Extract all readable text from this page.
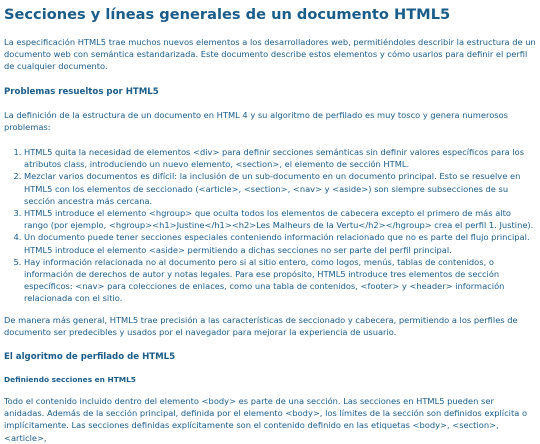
Secciones y líneas generales de un documento HTML5

La especificación HTML5 trae muchos nuevos elementos a los desarrolladores web, permitiéndoles describir la estructura de un documento web con semántica estandarizada. Este documento describe estos elementos y cómo usarlos para definir el perfil de cualquier documento.

Problemas resueltos por HTML5

La definición de la estructura de un documento en HTML 4 y su algoritmo de perfilado es muy tosco y genera numerosos problemas:

1. HTML5 quita la necesidad de elementos <div> para definir secciones semánticas sin definir valores específicos para los atributos class, introduciendo un nuevo elemento, <section>, el elemento de sección HTML.
2. Mezclar varios documentos es difícil: la inclusión de un sub-documento en un documento principal. Esto se resuelve en HTML5 con los elementos de seccionado (<article>, <section>, <nav> y <aside>) son siempre subsecciones de su sección ancestra más cercana.
3. HTML5 introduce el elemento <hgroup> que oculta todos los elementos de cabecera excepto el primero de más alto rango (por ejemplo, <hgroup><h1>Justine</h1><h2>Les Malheurs de la Vertu</h2></hgroup> crea el perfil 1. Justine).
4. Un documento puede tener secciones especiales conteniendo información relacionado que no es parte del flujo principal. HTML5 introduce el elemento <aside> permitiendo a dichas secciones no ser parte del perfil principal.
5. Hay información relacionada no al documento pero si al sitio entero, como logos, menús, tablas de contenidos, o información de derechos de autor y notas legales. Para ese propósito, HTML5 introduce tres elementos de sección específicos: <nav> para colecciones de enlaces, como una tabla de contenidos, <footer> y <header> información relacionada con el sitio.

De manera más general, HTML5 trae precisión a las características de seccionado y cabecera, permitiendo a los perfiles de documento ser predecibles y usados por el navegador para mejorar la experiencia de usuario.

El algoritmo de perfilado de HTML5
Definiendo secciones en HTML5

Todo el contenido incluido dentro del elemento <body> es parte de una sección. Las secciones en HTML5 pueden ser anidadas. Además de la sección principal, definida por el elemento <body>, los límites de la sección son definidos explícita o implícitamente. Las secciones definidas explícitamente son el contenido definido en las etiquetas <body>, <section>, <article>,
